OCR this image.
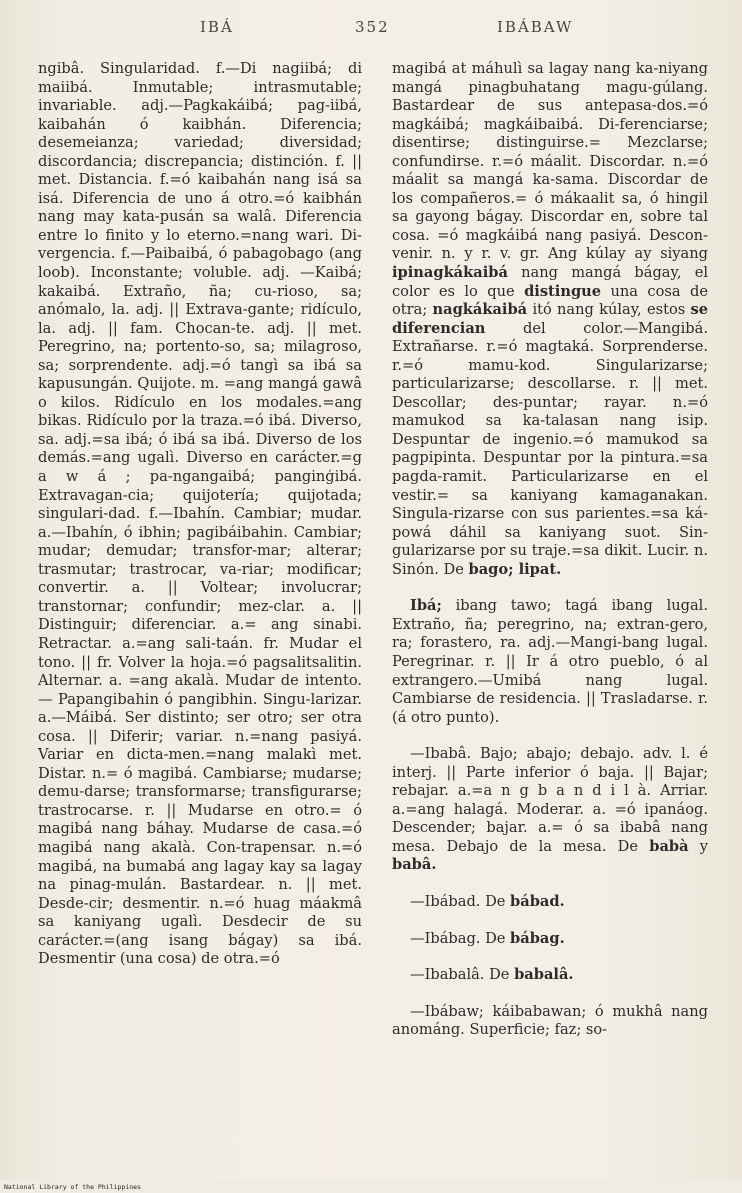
IBÁ	352	IBÁBAW

ngibâ. Singularidad. f.—Di nagiibá; di maiibá. Inmutable; intrasmutable; invariable. adj.—Pagkakáibá; pag-iibá, kaibahán ó kaibhán. Diferencia; desemeianza; variedad; diversidad; discordancia; discrepancia; distinción. f. || met. Distancia. f.=ó kaibahán nang isá sa isá. Diferencia de uno á otro.=ó kaibhán nang may kata-pusán sa walâ. Diferencia entre lo finito y lo eterno.=nang wari. Di-vergencia. f.—Paibaibá, ó pabagobago (ang loob). Inconstante; voluble. adj. —Kaibá; kakaibá. Extraño, ña; cu-rioso, sa; anómalo, la. adj. || Extrava-gante; ridículo, la. adj. || fam. Chocan-te. adj. || met. Peregrino, na; portento-so, sa; milagroso, sa; sorprendente. adj.=ó tangì sa ibá sa kapusungán. Quijote. m. =ang mangá gawâ o kilos. Ridículo en los modales.=ang bikas. Ridículo por la traza.=ó ibá. Diverso, sa. adj.=sa ibá; ó ibá sa ibá. Diverso de los demás.=ang ugalì. Diverso en carácter.=g a w á ; pa-ngangaibá; panginģibá. Extravagan-cia; quijotería; quijotada; singulari-dad. f.—Ibahín. Cambiar; mudar. a.—Ibahín, ó ibhin; pagibáibahin. Cambiar; mudar; demudar; transfor-mar; alterar; trasmutar; trastrocar, va-riar; modificar; convertir. a. || Voltear; involucrar; transtornar; confundir; mez-clar. a. || Distinguir; diferenciar. a.= ang sinabi. Retractar. a.=ang sali-taán. fr. Mudar el tono. || fr. Volver la hoja.=ó pagsalitsalitin. Alternar. a. =ang akalà. Mudar de intento.— Papangibahin ó pangibhin. Singu-larizar. a.—Máibá. Ser distinto; ser otro; ser otra cosa. || Diferir; variar. n.=nang pasiyá. Variar en dicta-men.=nang malakì met. Distar. n.= ó magibá. Cambiarse; mudarse; demu-darse; transformarse; transfigurarse; trastrocarse. r. || Mudarse en otro.= ó magibá nang báhay. Mudarse de casa.=ó magibá nang akalà. Con-trapensar. n.=ó magibá, na bumabá ang lagay kay sa lagay na pinag-mulán. Bastardear. n. || met. Desde-cir; desmentir. n.=ó huag máakmâ sa kaniyang ugalì. Desdecir de su carácter.=(ang isang bágay) sa ibá. Desmentir (una cosa) de otra.=ó

magibá at máhulì sa lagay nang ka-niyang mangá pinagbuhatang magu-gúlang. Bastardear de sus antepasa-dos.=ó magkáibá; magkáibaibá. Di-ferenciarse; disentirse; distinguirse.= Mezclarse; confundirse. r.=ó máalit. Discordar. n.=ó máalit sa mangá ka-sama. Discordar de los compañeros.= ó mákaalit sa, ó hingil sa gayong bágay. Discordar en, sobre tal cosa. =ó magkáibá nang pasiyá. Descon-venir. n. y r. v. gr. Ang kúlay ay siyang ipinagkákaibá nang mangá bágay, el color es lo que distingue una cosa de otra; nagkákaibá itó nang kúlay, estos se diferencian	del color.—Mangibá. Extrañarse. r.=ó magtaká. Sorprenderse. r.=ó mamu-kod. Singularizarse; particularizarse; descollarse. r. || met. Descollar; des-puntar; rayar. n.=ó mamukod sa ka-talasan nang isip. Despuntar de ingenio.=ó mamukod sa pagpipinta. Despuntar por la pintura.=sa pagda-ramit. Particularizarse en el vestir.= sa kaniyang kamaganakan. Singula-rizarse con sus parientes.=sa ká-powá dáhil sa kaniyang suot. Sin-gularizarse por su traje.=sa dikit. Lucir. n. Sinón. De bago; lipat.

Ibá; ibang tawo; tagá ibang lugal. Extraño, ña; peregrino, na; extran-gero, ra; forastero, ra. adj.—Mangi-bang lugal. Peregrinar. r. || Ir á otro pueblo, ó al extrangero.—Umibá nang lugal. Cambiarse de residencia. || Trasladarse. r. (á otro punto).

—Ibabâ. Bajo; abajo; debajo. adv. l. é interj. || Parte inferior ó baja. || Bajar; rebajar. a.=a n g b a n d i l à. Arriar. a.=ang halagá. Moderar. a. =ó ipanáog. Descender; bajar. a.= ó sa ibabâ nang mesa. Debajo de la mesa. De babà y babâ.

—Ibábad. De bábad.

—Ibábag. De bábag.

—Ibabalâ. De babalâ.

—Ibábaw; káibabawan; ó mukhâ nang anománg. Superficie; faz; so-

National Library of the Philippines
